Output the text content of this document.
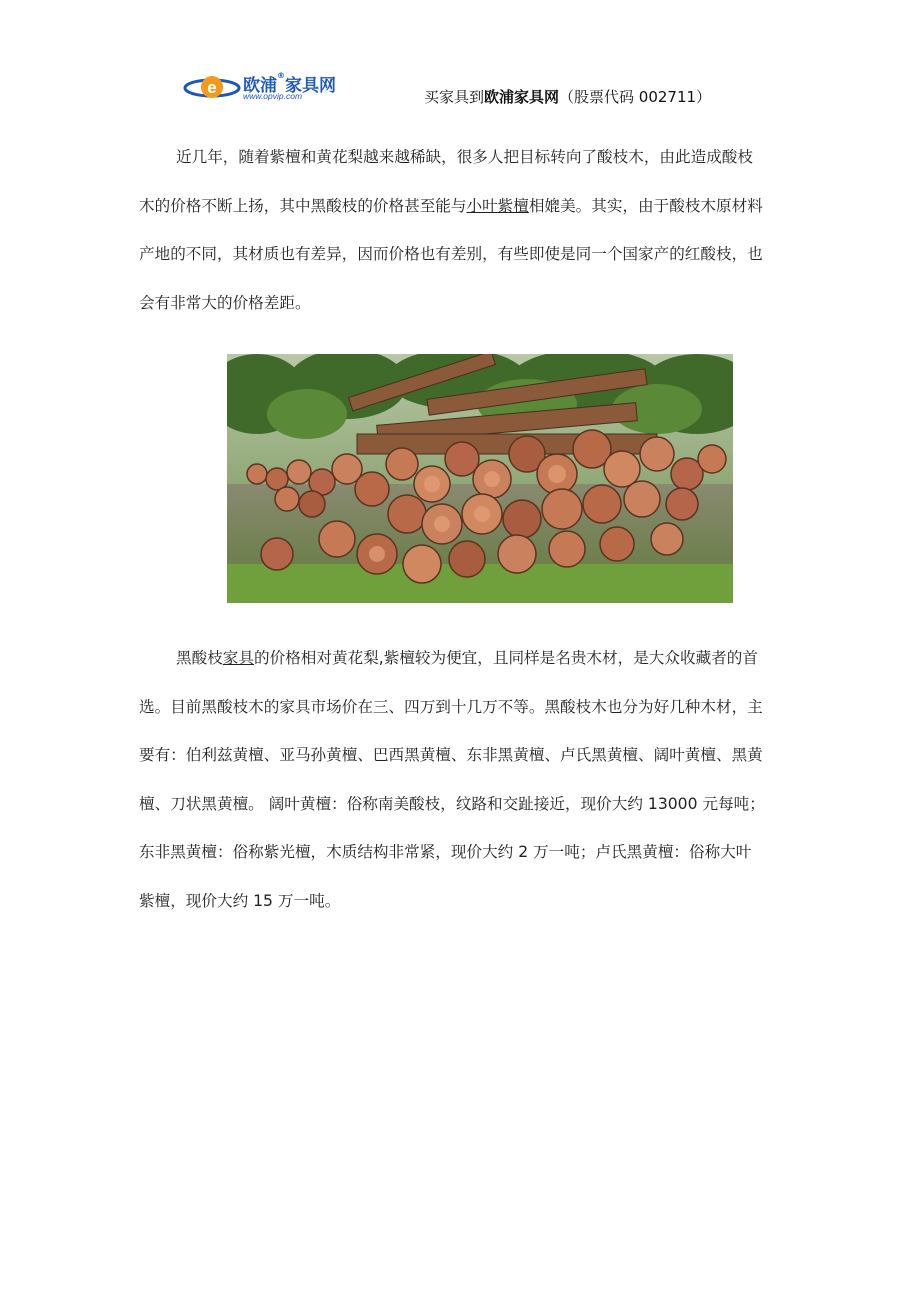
e 欧浦®家具网
www.opvip.com	买家具到欧浦家具网（股票代码 002711）
近几年，随着紫檀和黄花梨越来越稀缺，很多人把目标转向了酸枝木，由此造成酸枝
木的价格不断上扬，其中黑酸枝的价格甚至能与小叶紫檀相媲美。其实，由于酸枝木原材料
产地的不同，其材质也有差异，因而价格也有差别，有些即使是同一个国家产的红酸枝，也
会有非常大的价格差距。
黑酸枝家具的价格相对黄花梨,紫檀较为便宜，且同样是名贵木材，是大众收藏者的首
选。目前黑酸枝木的家具市场价在三、四万到十几万不等。黑酸枝木也分为好几种木材，主
要有：伯利兹黄檀、亚马孙黄檀、巴西黑黄檀、东非黑黄檀、卢氏黑黄檀、阔叶黄檀、黑黄
檀、刀状黑黄檀。 阔叶黄檀：俗称南美酸枝，纹路和交趾接近，现价大约 13000 元每吨；
东非黑黄檀：俗称紫光檀，木质结构非常紧，现价大约 2 万一吨；卢氏黑黄檀：俗称大叶
紫檀，现价大约 15 万一吨。
